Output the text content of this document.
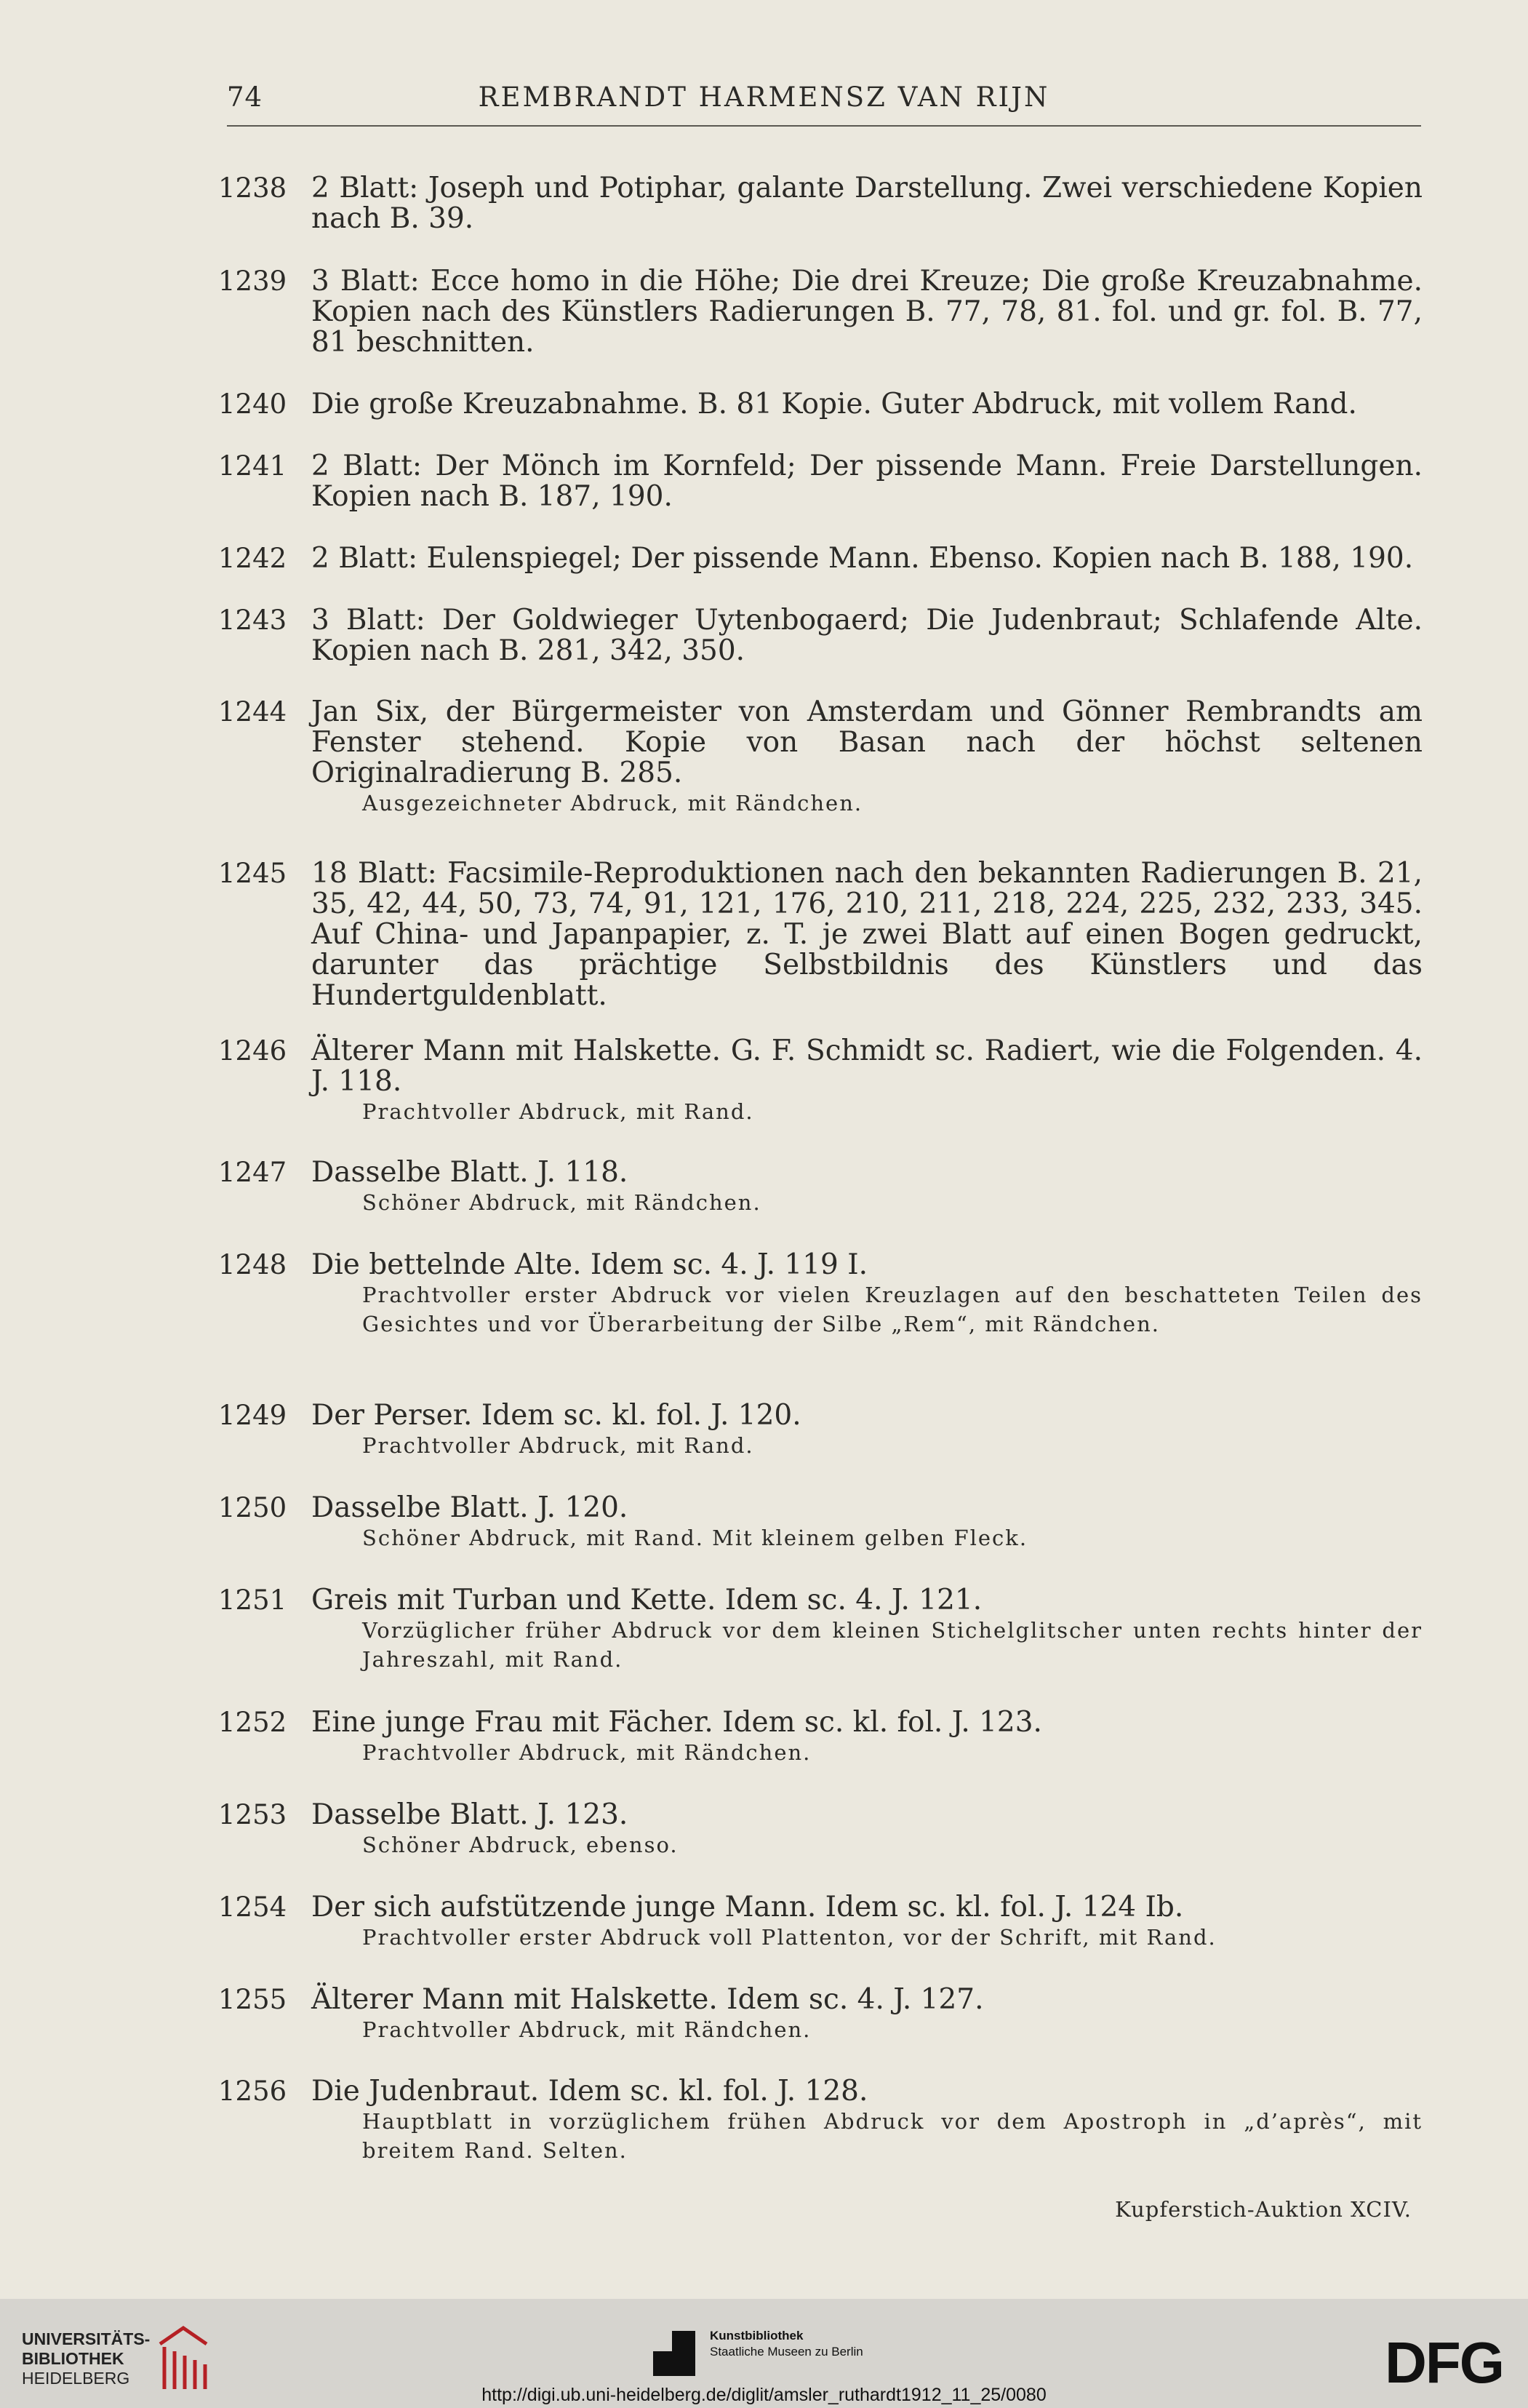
74	REMBRANDT HARMENSZ VAN RIJN
1238 2 Blatt: Joseph und Potiphar, galante Darstellung. Zwei verschiedene Kopien nach B. 39.
1239 3 Blatt: Ecce homo in die Höhe; Die drei Kreuze; Die große Kreuzabnahme. Kopien nach des Künstlers Radierungen B. 77, 78, 81. fol. und gr. fol. B. 77, 81 beschnitten.
1240 Die große Kreuzabnahme. B. 81 Kopie. Guter Abdruck, mit vollem Rand.
1241 2 Blatt: Der Mönch im Kornfeld; Der pissende Mann. Freie Darstellungen. Kopien nach B. 187, 190.
1242 2 Blatt: Eulenspiegel; Der pissende Mann. Ebenso. Kopien nach B. 188, 190.
1243 3 Blatt: Der Goldwieger Uytenbogaerd; Die Judenbraut; Schlafende Alte. Kopien nach B. 281, 342, 350.
1244 Jan Six, der Bürgermeister von Amsterdam und Gönner Rembrandts am Fenster stehend. Kopie von Basan nach der höchst seltenen Originalradierung B. 285.
Ausgezeichneter Abdruck, mit Rändchen.
1245 18 Blatt: Facsimile-Reproduktionen nach den bekannten Radierungen B. 21, 35, 42, 44, 50, 73, 74, 91, 121, 176, 210, 211, 218, 224, 225, 232, 233, 345. Auf China- und Japanpapier, z. T. je zwei Blatt auf einen Bogen gedruckt, darunter das prächtige Selbstbildnis des Künstlers und das Hundertguldenblatt.
1246 Älterer Mann mit Halskette. G. F. Schmidt sc. Radiert, wie die Folgenden. 4. J. 118.
Prachtvoller Abdruck, mit Rand.
1247 Dasselbe Blatt. J. 118.
Schöner Abdruck, mit Rändchen.
1248 Die bettelnde Alte. Idem sc. 4. J. 119 I.
Prachtvoller erster Abdruck vor vielen Kreuzlagen auf den beschatteten Teilen des Gesichtes und vor Überarbeitung der Silbe „Rem“, mit Rändchen.
1249 Der Perser. Idem sc. kl. fol. J. 120.
Prachtvoller Abdruck, mit Rand.
1250 Dasselbe Blatt. J. 120.
Schöner Abdruck, mit Rand. Mit kleinem gelben Fleck.
1251 Greis mit Turban und Kette. Idem sc. 4. J. 121.
Vorzüglicher früher Abdruck vor dem kleinen Stichelglitscher unten rechts hinter der Jahreszahl, mit Rand.
1252 Eine junge Frau mit Fächer. Idem sc. kl. fol. J. 123.
Prachtvoller Abdruck, mit Rändchen.
1253 Dasselbe Blatt. J. 123.
Schöner Abdruck, ebenso.
1254 Der sich aufstützende junge Mann. Idem sc. kl. fol. J. 124 Ib.
Prachtvoller erster Abdruck voll Plattenton, vor der Schrift, mit Rand.
1255 Älterer Mann mit Halskette. Idem sc. 4. J. 127.
Prachtvoller Abdruck, mit Rändchen.
1256 Die Judenbraut. Idem sc. kl. fol. J. 128.
Hauptblatt in vorzüglichem frühen Abdruck vor dem Apostroph in „d’après“, mit breitem Rand. Selten.
Kupferstich-Auktion XCIV.
UNIVERSITÄTS-
BIBLIOTHEK
HEIDELBERG
Kunstbibliothek
Staatliche Museen zu Berlin	DFG
http://digi.ub.uni-heidelberg.de/diglit/amsler_ruthardt1912_11_25/0080
